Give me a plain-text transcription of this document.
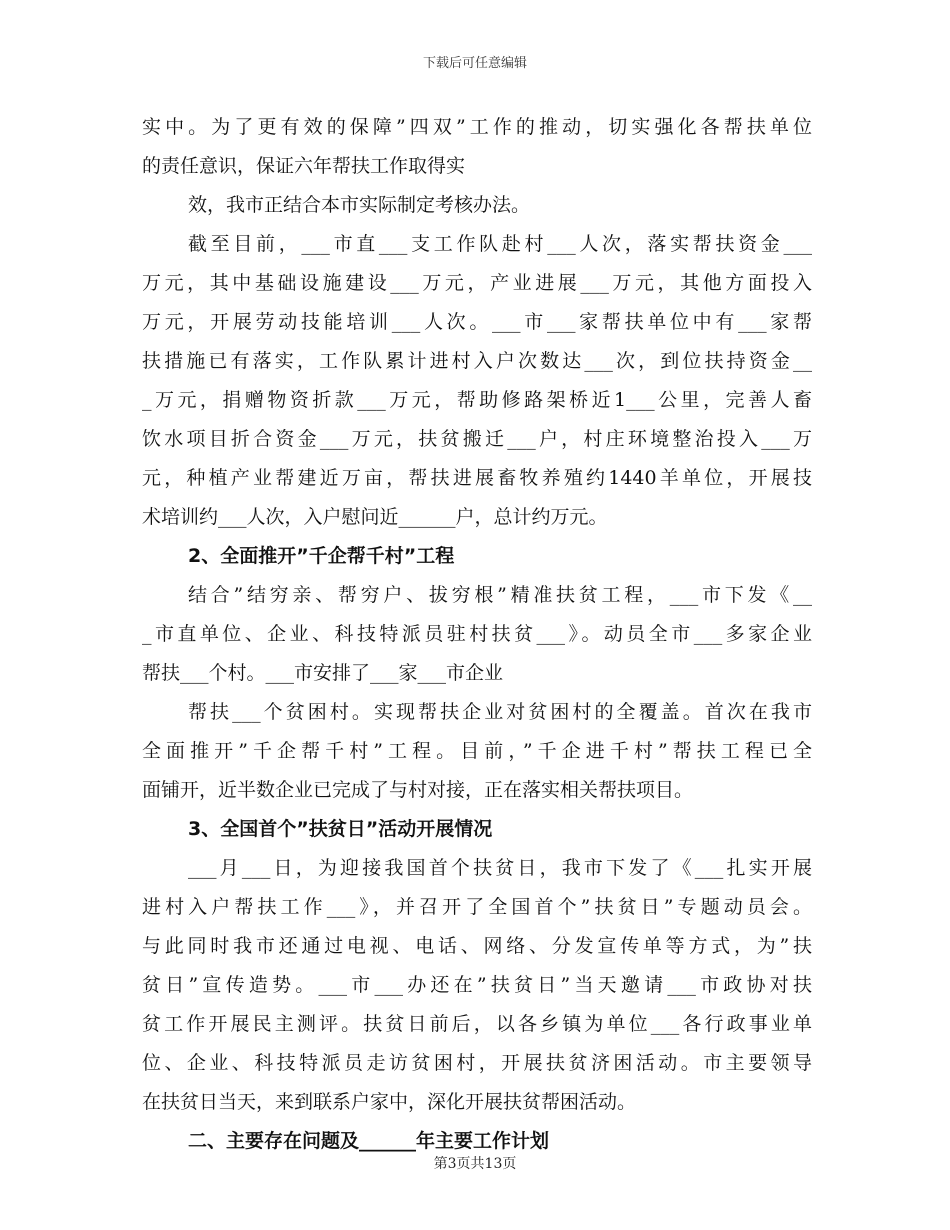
下载后可任意编辑
实中。为了更有效的保障”四双”工作的推动，切实强化各帮扶单位
的责任意识，保证六年帮扶工作取得实
效，我市正结合本市实际制定考核办法。
截至目前，___市直___支工作队赴村___人次，落实帮扶资金___
万元，其中基础设施建设___万元，产业进展___万元，其他方面投入
万元，开展劳动技能培训___人次。___市___家帮扶单位中有___家帮
扶措施已有落实，工作队累计进村入户次数达___次，到位扶持资金__
_万元，捐赠物资折款___万元，帮助修路架桥近1___公里，完善人畜
饮水项目折合资金___万元，扶贫搬迁___户，村庄环境整治投入___万
元，种植产业帮建近万亩，帮扶进展畜牧养殖约1440羊单位，开展技
术培训约___人次，入户慰问近______户，总计约万元。
2、全面推开”千企帮千村”工程
结合”结穷亲、帮穷户、拔穷根”精准扶贫工程，___市下发《__
_市直单位、企业、科技特派员驻村扶贫___》。动员全市___多家企业
帮扶___个村。___市安排了___家___市企业
帮扶___个贫困村。实现帮扶企业对贫困村的全覆盖。首次在我市
全面推开”千企帮千村”工程。目前，”千企进千村”帮扶工程已全
面铺开，近半数企业已完成了与村对接，正在落实相关帮扶项目。
3、全国首个”扶贫日”活动开展情况
___月___日，为迎接我国首个扶贫日，我市下发了《___扎实开展
进村入户帮扶工作___》，并召开了全国首个”扶贫日”专题动员会。
与此同时我市还通过电视、电话、网络、分发宣传单等方式，为”扶
贫日”宣传造势。___市___办还在”扶贫日”当天邀请___市政协对扶
贫工作开展民主测评。扶贫日前后，以各乡镇为单位___各行政事业单
位、企业、科技特派员走访贫困村，开展扶贫济困活动。市主要领导
在扶贫日当天，来到联系户家中，深化开展扶贫帮困活动。
二、主要存在问题及______年主要工作计划
第3页共13页
